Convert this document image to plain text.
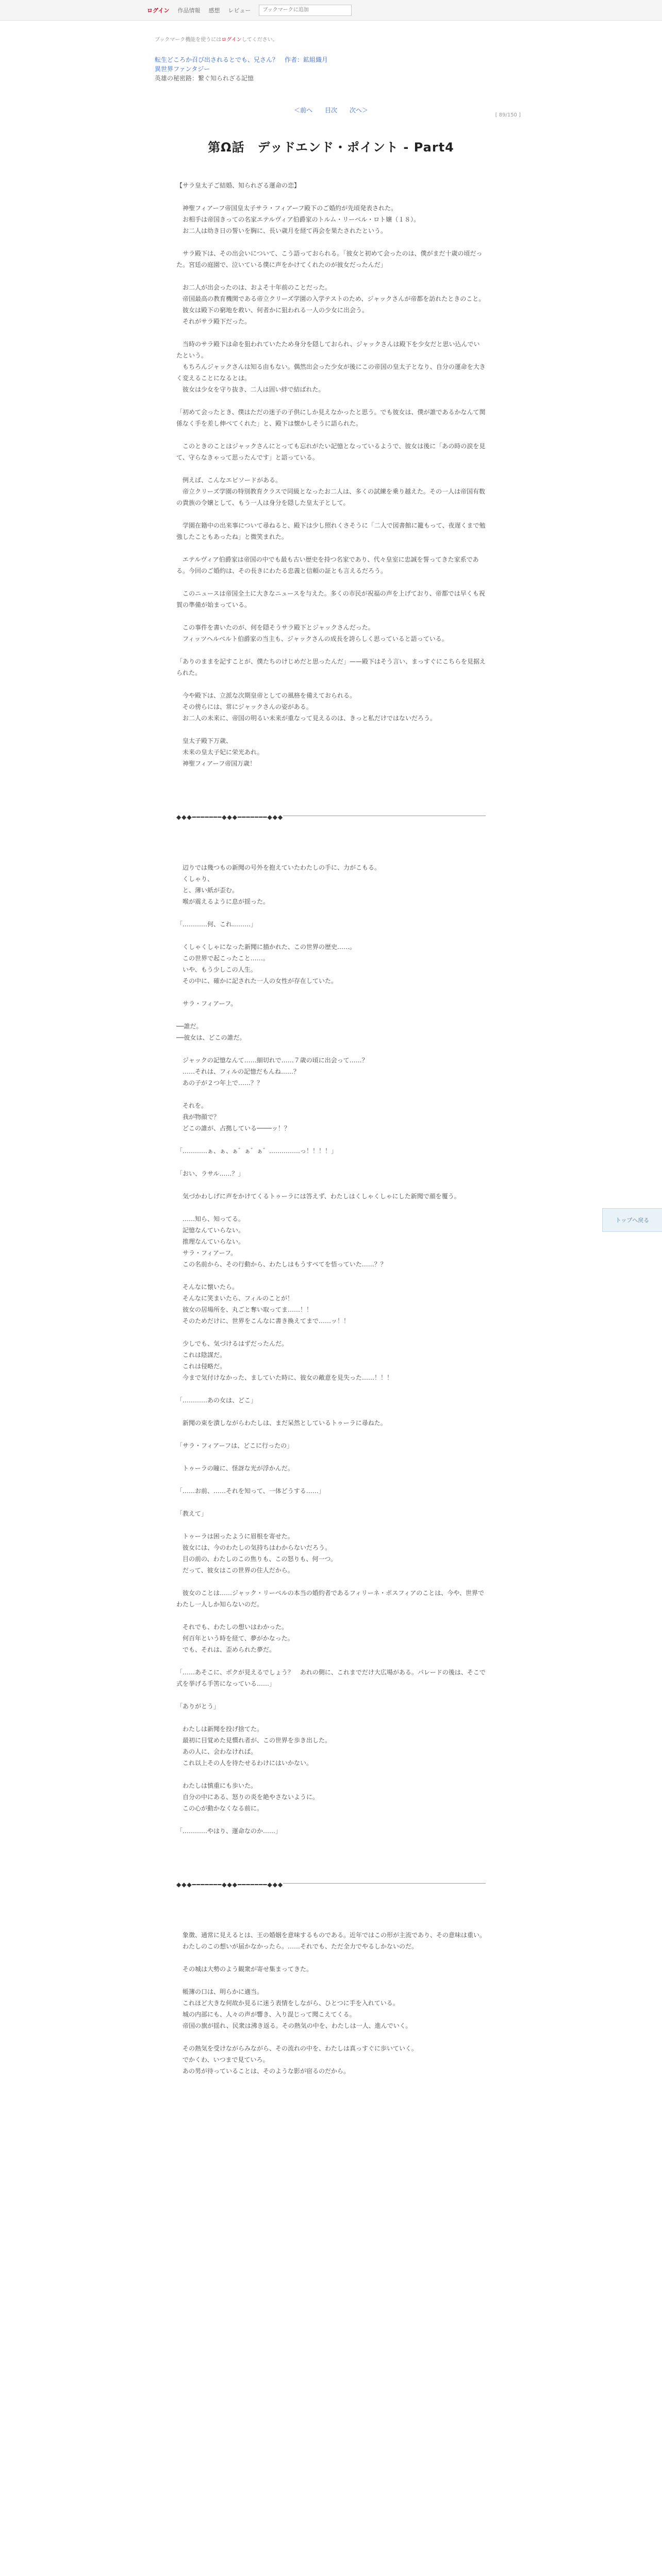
ログイン 作品情報 感想 レビュー
ブックマークに追加
ブックマーク機能を使うにはログインしてください。
転生どころか召び出されるとでも、兄さん？　作者：鉱組織月
異世界ファンタジー
英雄の秘密路：繋ぐ知られざる記憶
＜前へ 目次 次へ＞
[ 89/150 ]
第Ω話　デッドエンド・ポイント - Part4

【サラ皇太子ご結婚、知られざる運命の恋】

　神聖フィアーフ帝国皇太子サラ・フィアーフ殿下のご婚約が先頃発表された。
　お相手は帝国きっての名家エテルヴィア伯爵家のトルム・リーベル・ロト嬢（１８）。
　お二人は幼き日の誓いを胸に、長い歳月を経て再会を果たされたという。

　サラ殿下は、その出会いについて、こう語っておられる。「彼女と初めて会ったのは、僕がまだ十歳の頃だった。宮廷の庭園で、泣いている僕に声をかけてくれたのが彼女だったんだ」

　お二人が出会ったのは、およそ十年前のことだった。
　帝国最高の教育機関である帝立クリーズ学園の入学テストのため、ジャックさんが帝都を訪れたときのこと。
　彼女は殿下の窮地を救い、何者かに狙われる一人の少女に出会う。
　それがサラ殿下だった。

　当時のサラ殿下は命を狙われていたため身分を隠しておられ、ジャックさんは殿下を少女だと思い込んでいたという。
　もちろんジャックさんは知る由もない。偶然出会った少女が後にこの帝国の皇太子となり、自分の運命を大きく変えることになるとは。
　彼女は少女を守り抜き、二人は固い絆で結ばれた。

「初めて会ったとき、僕はただの迷子の子供にしか見えなかったと思う。でも彼女は、僕が誰であるかなんて関係なく手を差し伸べてくれた」と、殿下は懐かしそうに語られた。

　このときのことはジャックさんにとっても忘れがたい記憶となっているようで、彼女は後に「あの時の涙を見て、守らなきゃって思ったんです」と語っている。

　例えば、こんなエピソードがある。
　帝立クリーズ学園の特別教育クラスで同級となったお二人は、多くの試練を乗り越えた。その一人は帝国有数の貴族の令嬢として、もう一人は身分を隠した皇太子として。

　学園在籍中の出来事について尋ねると、殿下は少し照れくさそうに「二人で図書館に籠もって、夜遅くまで勉強したこともあったね」と微笑まれた。

　エテルヴィア伯爵家は帝国の中でも最も古い歴史を持つ名家であり、代々皇室に忠誠を誓ってきた家系である。今回のご婚約は、その長きにわたる忠義と信頼の証とも言えるだろう。

　このニュースは帝国全土に大きなニュースを与えた。多くの市民が祝福の声を上げており、帝都では早くも祝賀の準備が始まっている。

　この事件を書いたのが、何を隠そうサラ殿下とジャックさんだった。
　フィッツヘルベルト伯爵家の当主も、ジャックさんの成長を誇らしく思っていると語っている。

「ありのままを記すことが、僕たちのけじめだと思ったんだ」——殿下はそう言い、まっすぐにこちらを見据えられた。

　今や殿下は、立派な次期皇帝としての風格を備えておられる。
　その傍らには、常にジャックさんの姿がある。
　お二人の未来に、帝国の明るい未来が重なって見えるのは、きっと私だけではないだろう。

　皇太子殿下万歳、
　未来の皇太子妃に栄光あれ。
　神聖フィアーフ帝国万歳！

◆◆◆━━━━━━━◆◆◆━━━━━━━◆◆◆

　辺りでは幾つもの新聞の号外を抱えていたわたしの手に、力がこもる。
　くしゃり、
　と、薄い紙が歪む。
　喉が震えるように息が揺った。

「…………何、これ………」

　くしゃくしゃになった新聞に描かれた、この世界の歴史……。
　この世界で起こったこと……。
　いや、もう少しこの人生。
　その中に、確かに記された一人の女性が存在していた。

　サラ・フィアーフ。

──誰だ。
──彼女は、どこの誰だ。

　ジャックの記憶なんて……細切れで……７歳の頃に出会って……？
　……それは、フィルの記憶だもんね……？
　あの子が２つ年上で……？？

　それを。
　我が物顔で？
　どこの誰が、占拠している────ッ！？

「…………ぁ、ぁ、ぁ゛ぁ゛ぁ゛……………っ！！！！」

「おい、ラサル……？」

　気づかわしげに声をかけてくるトゥーラには答えず、わたしはくしゃくしゃにした新聞で顔を覆う。

　……知ら、知ってる。
　記憶なんていらない。
　推理なんていらない。
　サラ・フィアーフ。
　この名前から、その行動から、わたしはもうすべてを悟っていた……？？

　そんなに懐いたら。
　そんなに笑まいたら、フィルのことが！
　彼女の居場所を、丸ごと奪い取ってま……！！
　そのためだけに、世界をこんなに書き換えてまで……ッ！！

　少しでも、気づけるはずだったんだ。
　これは陰謀だ。
　これは侵略だ。
　今まで気付けなかった、ましていた時に、彼女の敵意を見失った……！！！

「…………あの女は、どこ」

　新聞の束を潰しながらわたしは、まだ呆然としているトゥーラに尋ねた。

「サラ・フィアーフは、どこに行ったの」

　トゥーラの瞳に、怪訝な光が浮かんだ。

「……お前、……それを知って、一体どうする……」

「教えて」

　トゥーラは困ったように眉根を寄せた。
　彼女には、今のわたしの気持ちはわからないだろう。
　目の前の、わたしのこの焦りも、この怒りも、何一つ。
　だって、彼女はこの世界の住人だから。

　彼女のことは……ジャック・リーベルの本当の婚約者であるフィリーネ・ポスフィアのことは、今や、世界でわたし一人しか知らないのだ。

　それでも、わたしの想いはわかった。
　何百年という時を経て、夢がかなった。
　でも、それは、歪められた夢だ。

「……あそこに、ボクが見えるでしょう？　あれの側に、これまでだけ大広場がある。パレードの後は、そこで式を挙げる手筈になっている……」

「ありがとう」

　わたしは新聞を投げ捨てた。
　最初に目覚めた見慣れ者が、この世界を歩き出した。
　あの人に、会わなければ。
　これ以上その人を待たせるわけにはいかない。

　わたしは慎重にも歩いた。
　自分の中にある、怒りの炎を絶やさないように。
　この心が動かなくなる前に。

「…………やはり、運命なのか……」

◆◆◆━━━━━━━◆◆◆━━━━━━━◆◆◆

　象徴、通常に見えるとは、王の婚姻を意味するものである。近年ではこの形が主流であり、その意味は重い。
　わたしのこの想いが届かなかったら。……それでも、ただ全力でやるしかないのだ。

　その城は大勢のよう観衆が寄せ集まってきた。

　帳簿の口は、明らかに適当。
　これほど大きな何故か見るに迷う表情をしながら、ひとつに手を入れている。
　城の内部にも、人々の声が響き、入り混じって聞こえてくる。
　帝国の旗が揺れ、民衆は沸き返る。その熱気の中を、わたしは一人、進んでいく。

　その熱気を受けながらみながら、その流れの中を、わたしは真っすぐに歩いていく。
　でかくわ、いつまで見ていろ。
　あの男が待っていることは、そのような影が宿るのだから。

トップへ戻る
